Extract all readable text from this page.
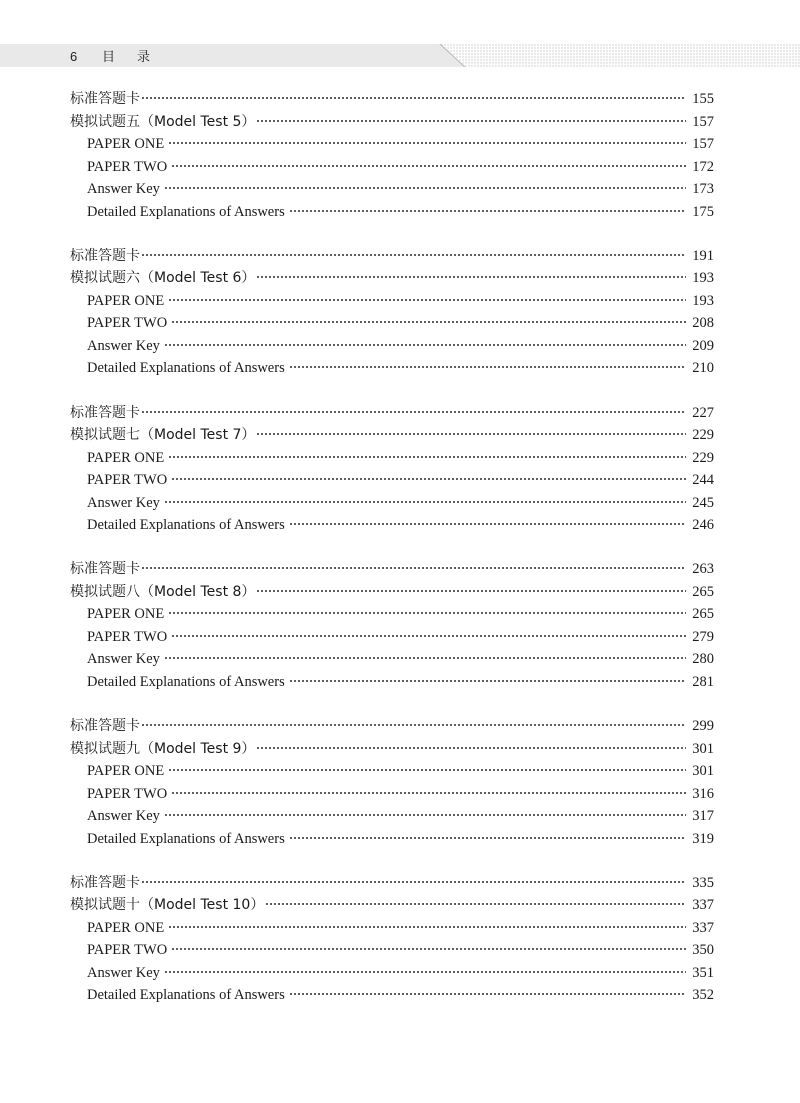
6 目录
标准答题卡	155
模拟试题五（Model Test 5）	157
PAPER ONE	157
PAPER TWO	172
Answer Key	173
Detailed Explanations of Answers	175
标准答题卡	191
模拟试题六（Model Test 6）	193
PAPER ONE	193
PAPER TWO	208
Answer Key	209
Detailed Explanations of Answers	210
标准答题卡	227
模拟试题七（Model Test 7）	229
PAPER ONE	229
PAPER TWO	244
Answer Key	245
Detailed Explanations of Answers	246
标准答题卡	263
模拟试题八（Model Test 8）	265
PAPER ONE	265
PAPER TWO	279
Answer Key	280
Detailed Explanations of Answers	281
标准答题卡	299
模拟试题九（Model Test 9）	301
PAPER ONE	301
PAPER TWO	316
Answer Key	317
Detailed Explanations of Answers	319
标准答题卡	335
模拟试题十（Model Test 10）	337
PAPER ONE	337
PAPER TWO	350
Answer Key	351
Detailed Explanations of Answers	352
